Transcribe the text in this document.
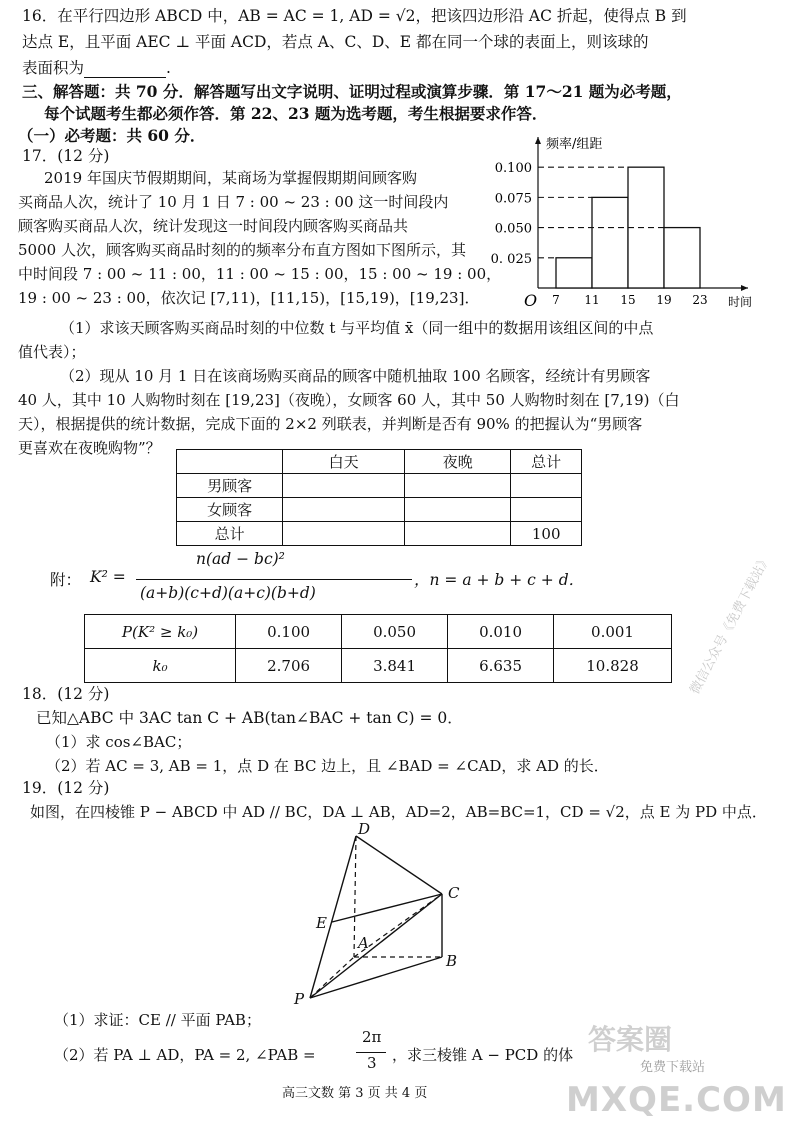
16．在平行四边形 ABCD 中，AB = AC = 1, AD = √2，把该四边形沿 AC 折起，使得点 B 到
达点 E，且平面 AEC ⊥ 平面 ACD，若点 A、C、D、E 都在同一个球的表面上，则该球的
表面积为	.
三、解答题：共 70 分．解答题写出文字说明、证明过程或演算步骤．第 17～21 题为必考题，
每个试题考生都必须作答．第 22、23 题为选考题，考生根据要求作答．
（一）必考题：共 60 分．
17．(12 分)
2019 年国庆节假期期间，某商场为掌握假期期间顾客购
买商品人次，统计了 10 月 1 日 7 : 00 ~ 23 : 00 这一时间段内
顾客购买商品人次，统计发现这一时间段内顾客购买商品共
5000 人次，顾客购买商品时刻的的频率分布直方图如下图所示，其
中时间段 7 : 00 ~ 11 : 00，11 : 00 ~ 15 : 00，15 : 00 ~ 19 : 00，
19 : 00 ~ 23 : 00，依次记 [7,11)，[11,15)，[15,19)，[19,23]．
0.100
0.075
0.050
0. 025
7 11 15 19 23
O
频率/组距
时间
（1）求该天顾客购买商品时刻的中位数 t 与平均值 x̄（同一组中的数据用该组区间的中点
值代表）；
（2）现从 10 月 1 日在该商场购买商品的顾客中随机抽取 100 名顾客，经统计有男顾客
40 人，其中 10 人购物时刻在 [19,23]（夜晚），女顾客 60 人，其中 50 人购物时刻在 [7,19)（白
天），根据提供的统计数据，完成下面的 2×2 列联表，并判断是否有 90% 的把握认为“男顾客
更喜欢在夜晚购物”？
	白天	夜晚	总计
男顾客			
女顾客			
总计			100
附： K² =
n(ad − bc)²
(a+b)(c+d)(a+c)(b+d)
，n = a + b + c + d．
P(K² ≥ k₀)	0.100	0.050	0.010	0.001
k₀	2.706	3.841	6.635	10.828	微信公众号《免费下载站》
18．(12 分)
已知△ABC 中 3AC tan C + AB(tan∠BAC + tan C) = 0．
（1）求 cos∠BAC；
（2）若 AC = 3, AB = 1，点 D 在 BC 边上，且 ∠BAD = ∠CAD，求 AD 的长．
19．(12 分)
如图，在四棱锥 P − ABCD 中 AD // BC，DA ⊥ AB，AD=2，AB=BC=1，CD = √2，点 E 为 PD 中点．
D
C
E
A
B
P
（1）求证：CE // 平面 PAB；
（2）若 PA ⊥ AD，PA = 2, ∠PAB =
2π
3 ，求三棱锥 A − PCD 的体 答案圈
免费下载站
MXQE.COM
高三文数 第 3 页 共 4 页
